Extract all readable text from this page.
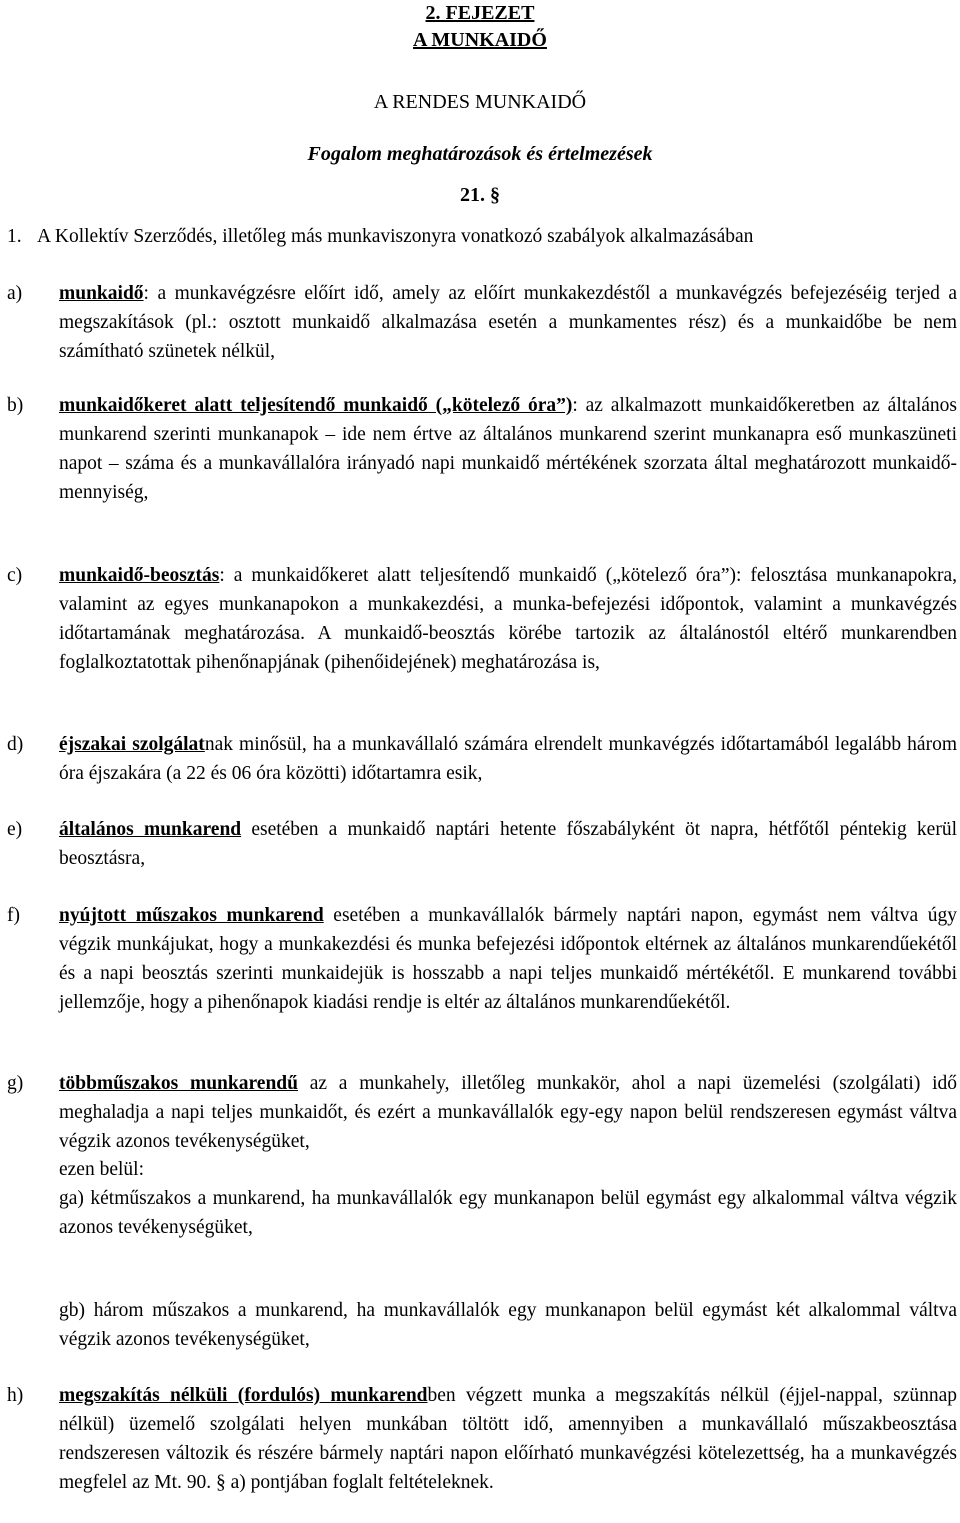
2. FEJEZET
A MUNKAIDŐ
A RENDES MUNKAIDŐ
Fogalom meghatározások és értelmezések
21. §
1. A Kollektív Szerződés, illetőleg más munkaviszonyra vonatkozó szabályok alkalmazásában
a)	munkaidő: a munkavégzésre előírt idő, amely az előírt munkakezdéstől a munkavégzés befejezéséig terjed a megszakítások (pl.: osztott munkaidő alkalmazása esetén a munkamentes rész) és a munkaidőbe be nem számítható szünetek nélkül,
b)	munkaidőkeret alatt teljesítendő munkaidő („kötelező óra”): az alkalmazott munkaidőkeretben az általános munkarend szerinti munkanapok – ide nem értve az általános munkarend szerint munkanapra eső munkaszüneti napot – száma és a munkavállalóra irányadó napi munkaidő mértékének szorzata által meghatározott munkaidő-mennyiség,
c)	munkaidő-beosztás: a munkaidőkeret alatt teljesítendő munkaidő („kötelező óra”): felosztása munkanapokra, valamint az egyes munkanapokon a munkakezdési, a munka-befejezési időpontok, valamint a munkavégzés időtartamának meghatározása. A munkaidő-beosztás körébe tartozik az általánostól eltérő munkarendben foglalkoztatottak pihenőnapjának (pihenőidejének) meghatározása is,
d)	éjszakai szolgálatnak minősül, ha a munkavállaló számára elrendelt munkavégzés időtartamából legalább három óra éjszakára (a 22 és 06 óra közötti) időtartamra esik,
e)	általános munkarend esetében a munkaidő naptári hetente főszabályként öt napra, hétfőtől péntekig kerül beosztásra,
f)	nyújtott műszakos munkarend esetében a munkavállalók bármely naptári napon, egymást nem váltva úgy végzik munkájukat, hogy a munkakezdési és munka befejezési időpontok eltérnek az általános munkarendűekétől és a napi beosztás szerinti munkaidejük is hosszabb a napi teljes munkaidő mértékétől. E munkarend további jellemzője, hogy a pihenőnapok kiadási rendje is eltér az általános munkarendűekétől.
g)	többműszakos munkarendű az a munkahely, illetőleg munkakör, ahol a napi üzemelési (szolgálati) idő meghaladja a napi teljes munkaidőt, és ezért a munkavállalók egy-egy napon belül rendszeresen egymást váltva végzik azonos tevékenységüket,
ezen belül:
ga) kétműszakos a munkarend, ha munkavállalók egy munkanapon belül egymást egy alkalommal váltva végzik azonos tevékenységüket,
gb) három műszakos a munkarend, ha munkavállalók egy munkanapon belül egymást két alkalommal váltva végzik azonos tevékenységüket,
h)	megszakítás nélküli (fordulós) munkarendben végzett munka a megszakítás nélkül (éjjel-nappal, szünnap nélkül) üzemelő szolgálati helyen munkában töltött idő, amennyiben a munkavállaló műszakbeosztása rendszeresen változik és részére bármely naptári napon előírható munkavégzési kötelezettség, ha a munkavégzés megfelel az Mt. 90. § a) pontjában foglalt feltételeknek.
